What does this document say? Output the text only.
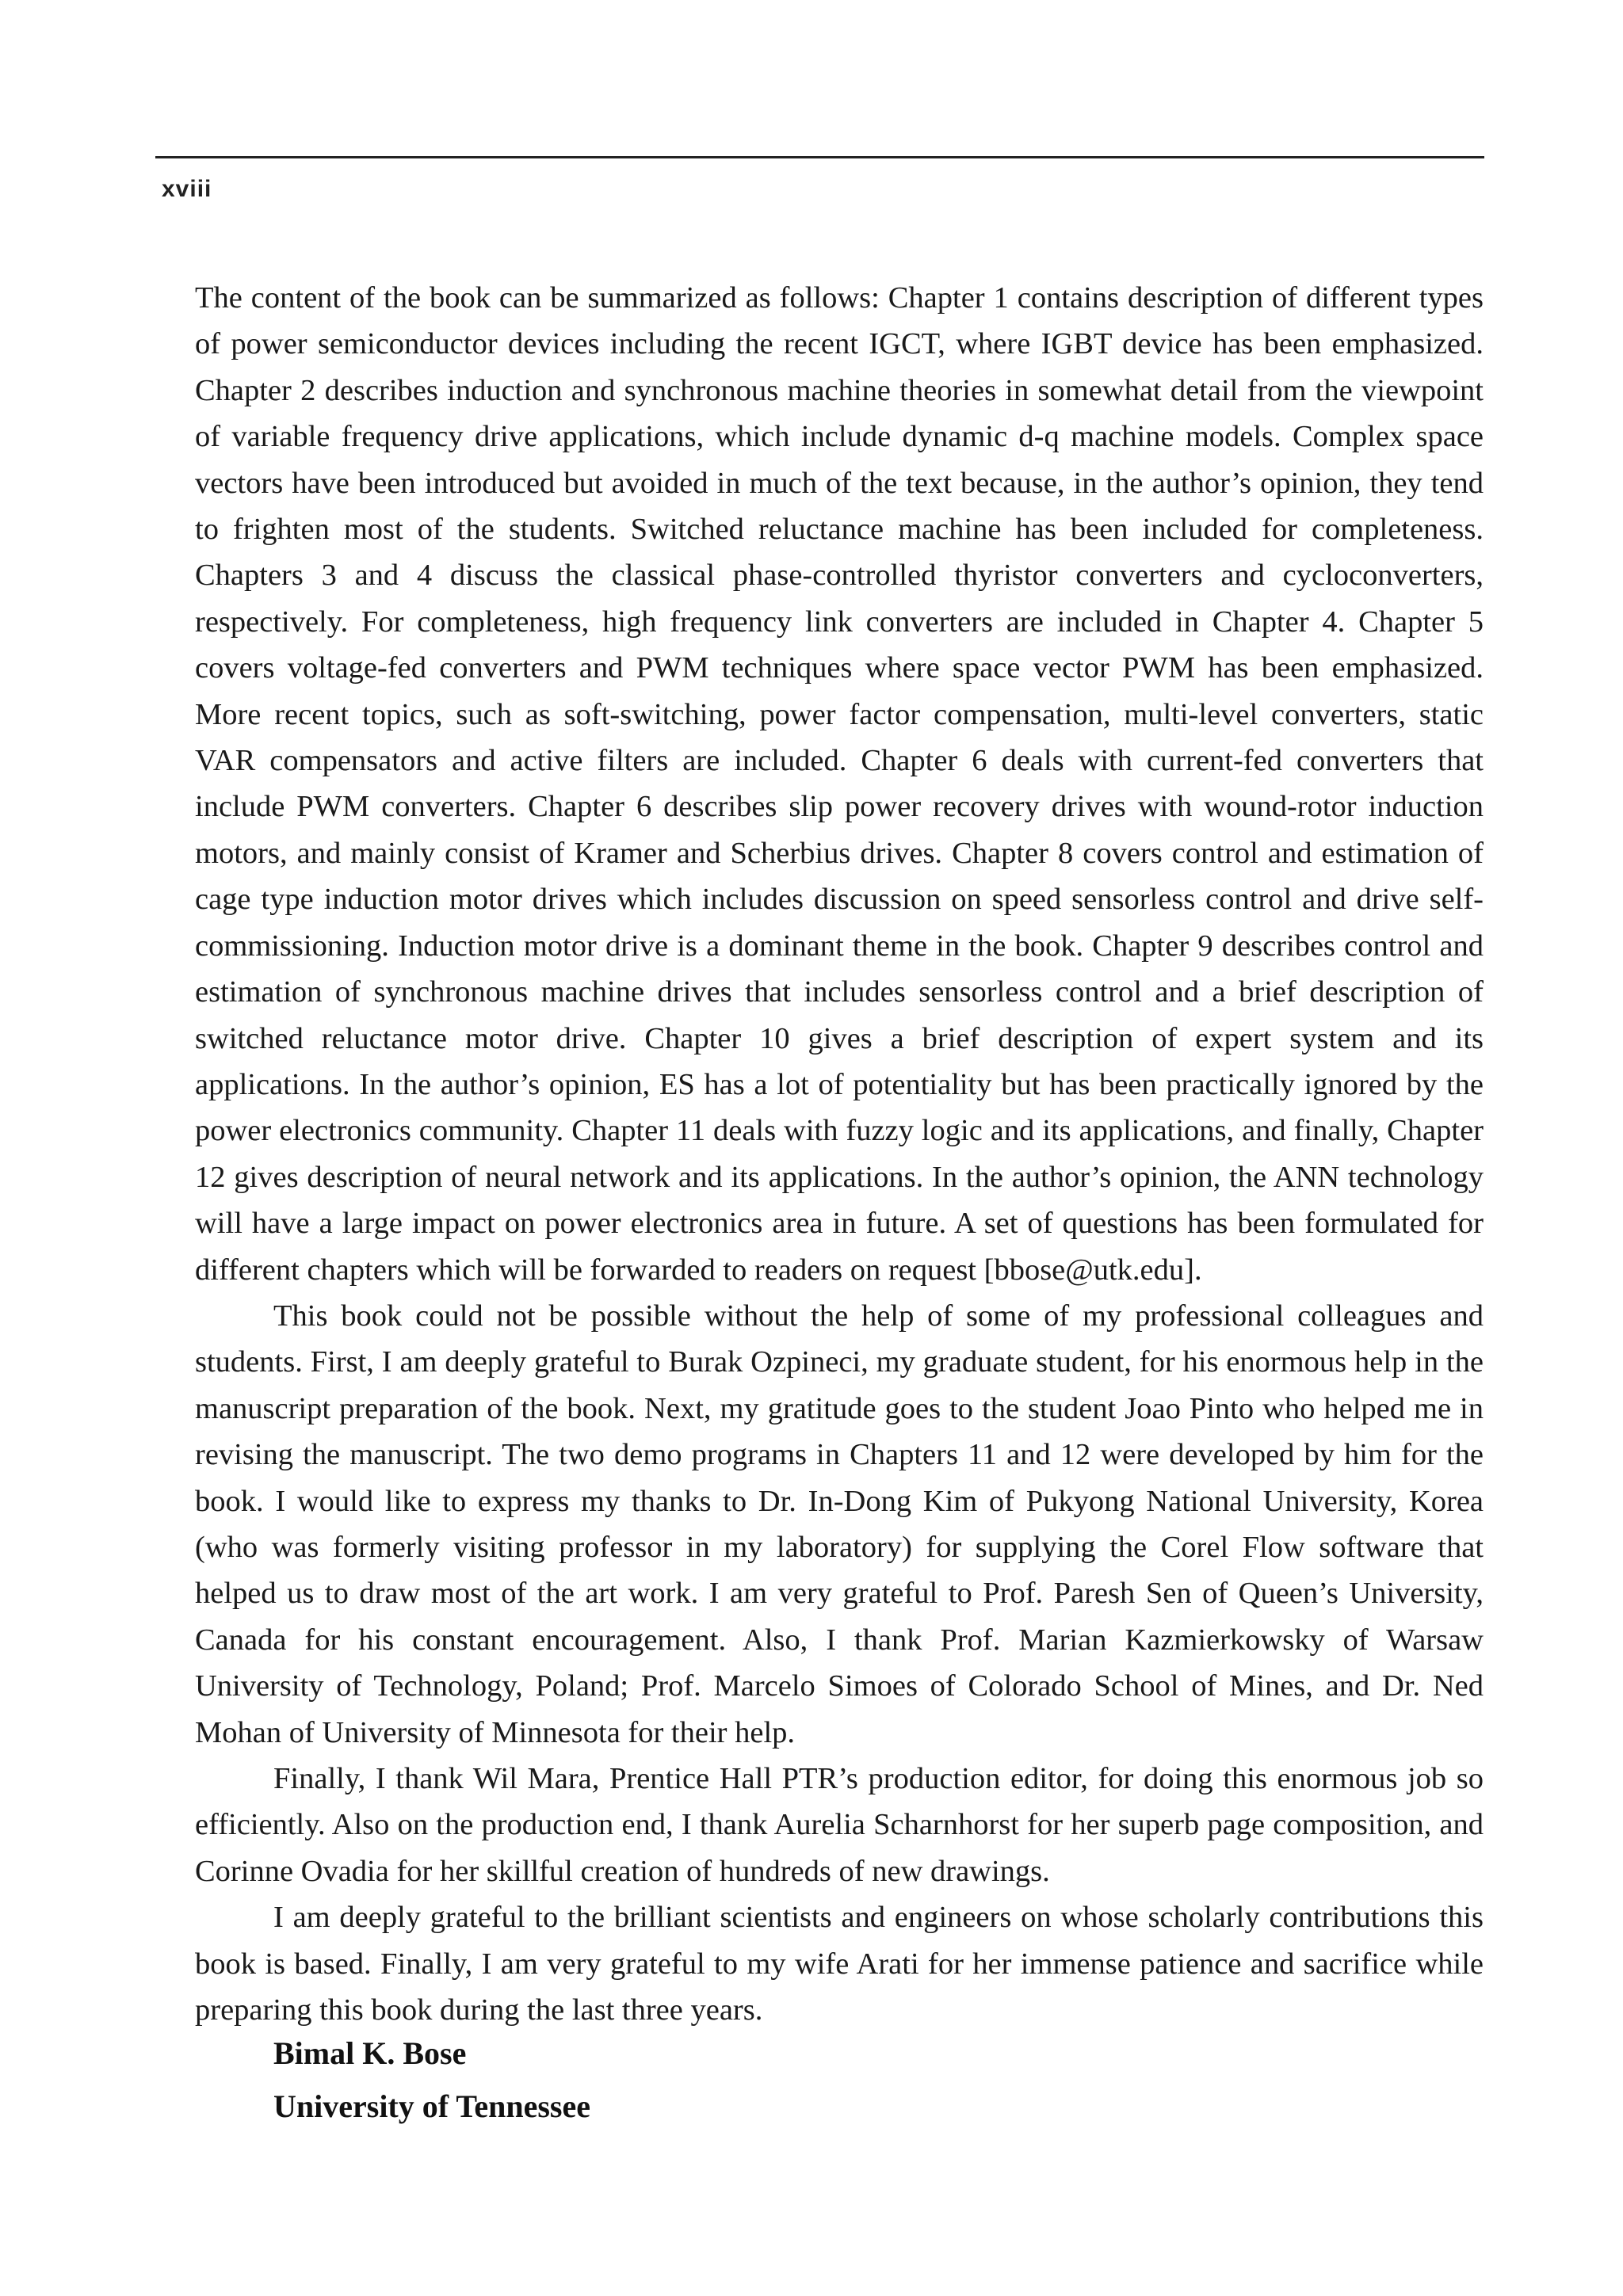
xviii

The content of the book can be summarized as follows: Chapter 1 contains description of different types of power semiconductor devices including the recent IGCT, where IGBT device has been emphasized. Chapter 2 describes induction and synchronous machine theories in somewhat detail from the viewpoint of variable frequency drive applications, which include dynamic d-q machine models. Complex space vectors have been introduced but avoided in much of the text because, in the author’s opinion, they tend to frighten most of the students. Switched reluctance machine has been included for completeness. Chapters 3 and 4 discuss the classical phase-controlled thyristor converters and cycloconverters, respectively. For completeness, high frequency link converters are included in Chapter 4. Chapter 5 covers voltage-fed converters and PWM techniques where space vector PWM has been emphasized. More recent topics, such as soft-switching, power factor compensation, multi-level converters, static VAR compensators and active filters are included. Chapter 6 deals with current-fed converters that include PWM converters. Chapter 6 describes slip power recovery drives with wound-rotor induction motors, and mainly consist of Kramer and Scherbius drives. Chapter 8 covers control and estimation of cage type induction motor drives which includes discussion on speed sensorless control and drive self-commissioning. Induction motor drive is a dominant theme in the book. Chapter 9 describes control and estimation of synchronous machine drives that includes sensorless control and a brief description of switched reluctance motor drive. Chapter 10 gives a brief description of expert system and its applications. In the author’s opinion, ES has a lot of potentiality but has been practically ignored by the power electronics community. Chapter 11 deals with fuzzy logic and its applications, and finally, Chapter 12 gives description of neural network and its applications. In the author’s opinion, the ANN technology will have a large impact on power electronics area in future. A set of questions has been formulated for different chapters which will be forwarded to readers on request [bbose@utk.edu].

This book could not be possible without the help of some of my professional colleagues and students. First, I am deeply grateful to Burak Ozpineci, my graduate student, for his enormous help in the manuscript preparation of the book. Next, my gratitude goes to the student Joao Pinto who helped me in revising the manuscript. The two demo programs in Chapters 11 and 12 were developed by him for the book. I would like to express my thanks to Dr. In-Dong Kim of Pukyong National University, Korea (who was formerly visiting professor in my laboratory) for supplying the Corel Flow software that helped us to draw most of the art work. I am very grateful to Prof. Paresh Sen of Queen’s University, Canada for his constant encouragement. Also, I thank Prof. Marian Kazmierkowsky of Warsaw University of Technology, Poland; Prof. Marcelo Simoes of Colorado School of Mines, and Dr. Ned Mohan of University of Minnesota for their help.

Finally, I thank Wil Mara, Prentice Hall PTR’s production editor, for doing this enormous job so efficiently. Also on the production end, I thank Aurelia Scharnhorst for her superb page composition, and Corinne Ovadia for her skillful creation of hundreds of new drawings.

I am deeply grateful to the brilliant scientists and engineers on whose scholarly contributions this book is based. Finally, I am very grateful to my wife Arati for her immense patience and sacrifice while preparing this book during the last three years.

Bimal K. Bose
University of Tennessee
